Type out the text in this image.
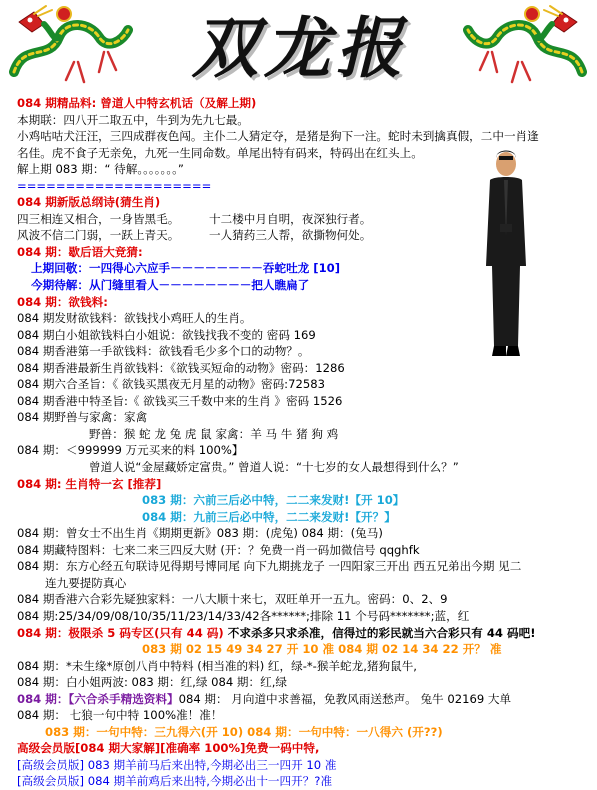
双龙报
084 期精品料: 曾道人中特玄机话（及解上期)
本期联：四八开二取五中，牛到为先九七最。
小鸡咕咕犬汪汪，三四成群夜色闯。主仆二人猜定夺，是猪是狗下一注。蛇时未到擒真假，二中一肖逢
名佳。虎不食子无亲免，九死一生同命数。单尾出特有码来，特码出在红头上。
解上期 083 期：“ 待解。。。。。。。”
====================
084 期新版总纲诗(猜生肖)
四三相连又相合，一身皆黑毛。	十二楼中月自明，夜深独行者。
风波不信二门弱，一跃上青天。	一人猜药三人帮，欲撕物何处。
084 期：歇后语大竞猜:
上期回敬：一四得心六应手－－－－－－－－吞蛇吐龙 [10]
今期待解：从门缝里看人－－－－－－－－把人瞧扁了
084 期：欲钱料:
084 期发财欲钱料：欲钱找小鸡旺人的生肖。
084 期白小姐欲钱料白小姐说：欲钱找我不变的 密码 169
084 期香港第一手欲钱料：欲钱看毛少多个口的动物？。
084 期香港最新生肖欲钱料：《欲钱买短命的动物》密码：1286
084 期六合圣旨：《 欲钱买黑夜无月星的动物》密码:72583
084 期香港中特圣旨:《 欲钱买三千数中来的生肖 》密码 1526
084 期野兽与家禽：家禽
野兽：猴 蛇 龙 兔 虎 鼠 家禽：羊 马 牛 猪 狗 鸡
084 期：＜999999 万元买来的料 100%】
曾道人说“金屋藏娇定富贵。” 曾道人说：“十七岁的女人最想得到什么？”
084 期: 生肖特一玄 [推荐]
083 期：六前三后必中特，二二来发财!【开 10】
084 期：九前三后必中特，二二来发财!【开？】
084 期：曾女士不出生肖《期期更新》083 期：(虎兔) 084 期：(兔马)
084 期藏特图料：七来二来三四反大财 (开：？免费一肖一码加微信号 qqghfk
084 期：东方心经五句联诗见得期号博同尾 向下九期挑龙子 一四阳家三开出 西五兄弟出今期 见二
连九要提防真心
084 期香港六合彩先疑独家料：一八大顺十来七，双旺单开一五九。密码：0、2、9
084 期:25/34/09/08/10/35/11/23/14/33/42各******;排除 11 个号码*******;蓝，红
084 期：极限杀 5 码专区(只有 44 码) 不求杀多只求杀准，信得过的彩民就当六合彩只有 44 码吧!
083 期 02 15 49 34 27 开 10 准 084 期 02 14 34 22 开？ 准
084 期：*未生缘*原创八肖中特料 (相当准的料) 红，绿-*-猴羊蛇龙,猪狗鼠牛,
084 期：白小姐两波: 083 期：红,绿 084 期：红,绿
084 期：【六合杀手精选资料】084 期： 月向道中求善福，免教风雨送愁声。 兔牛 02169 大单
084 期： 七狼一句中特 100%准！准！
083 期：一句中特：三九得六(开 10) 084 期：一句中特：一八得六 (开??)
高级会员版[084 期大家解][准确率 100%]免费一码中特,
[高级会员版] 083 期羊前马后来出特,今期必出三一四开 10 准
[高级会员版] 084 期羊前鸡后来出特,今期必出十一四开？?准
